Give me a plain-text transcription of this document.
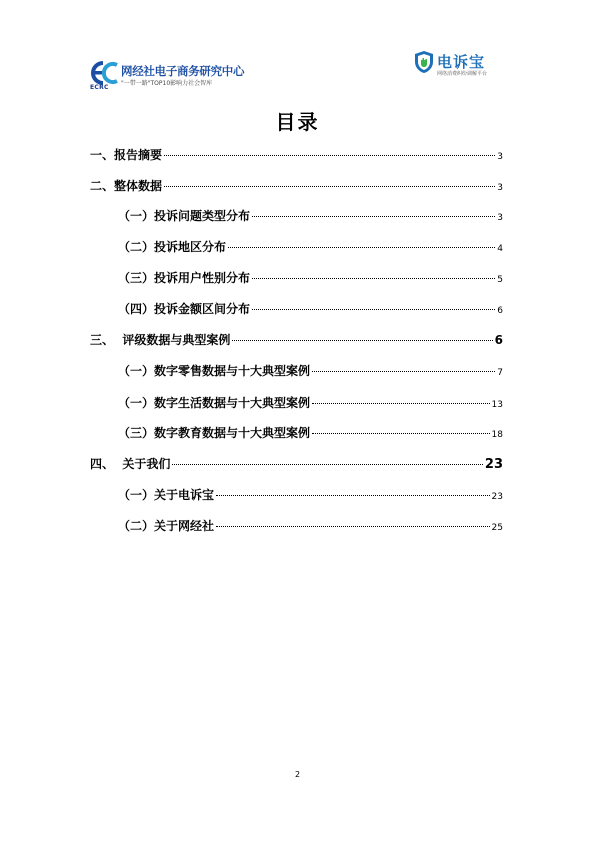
ECRC
网经社电子商务研究中心
"一带一路"TOP10影响力社会智库
电诉宝
网络消费纠纷调解平台
目录
一、报告摘要	3
二、整体数据	3
（一）投诉问题类型分布	3
（二）投诉地区分布	4
（三）投诉用户性别分布	5
（四）投诉金额区间分布	6
三、  评级数据与典型案例	6
（一）数字零售数据与十大典型案例	7
（一）数字生活数据与十大典型案例	13
（三）数字教育数据与十大典型案例	18
四、  关于我们	23
（一）关于电诉宝	23
（二）关于网经社	25
2
